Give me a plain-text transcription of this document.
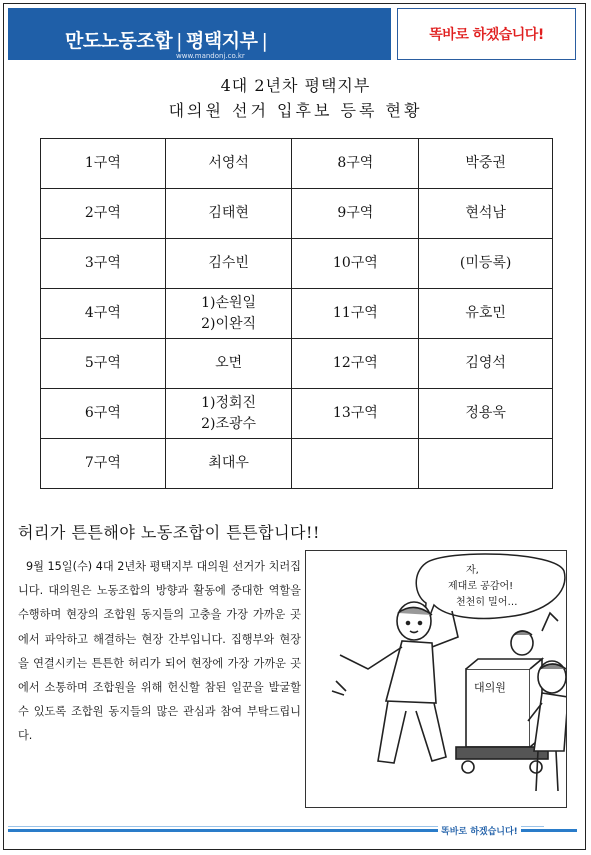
만도노동조합 | 평택지부 |
www.mandonj.co.kr
똑바로 하겠습니다!
4대 2년차 평택지부
대의원 선거 입후보 등록 현황
1구역	서영석	8구역	박중권

2구역	김태현	9구역	현석남

3구역	김수빈	10구역	(미등록)

4구역	1)손원일
2)이완직	11구역	유호민

5구역	오면	12구역	김영석

6구역	1)정회진
2)조광수	13구역	정용욱

7구역	최대우		

허리가 튼튼해야 노동조합이 튼튼합니다!!
9월 15일(수) 4대 2년차 평택지부 대의원 선거가 치러집니다. 대의원은 노동조합의 방향과 활동에 중대한 역할을 수행하며 현장의 조합원 동지들의 고충을 가장 가까운 곳에서 파악하고 해결하는 현장 간부입니다. 집행부와 현장을 연결시키는 튼튼한 허리가 되어 현장에 가장 가까운 곳에서 소통하며 조합원을 위해 헌신할 참된 일꾼을 발굴할 수 있도록 조합원 동지들의 많은 관심과 참여 부탁드립니다.
자,
제대로 공감어!
천천히 밀어…
대의원
똑바로 하겠습니다!
